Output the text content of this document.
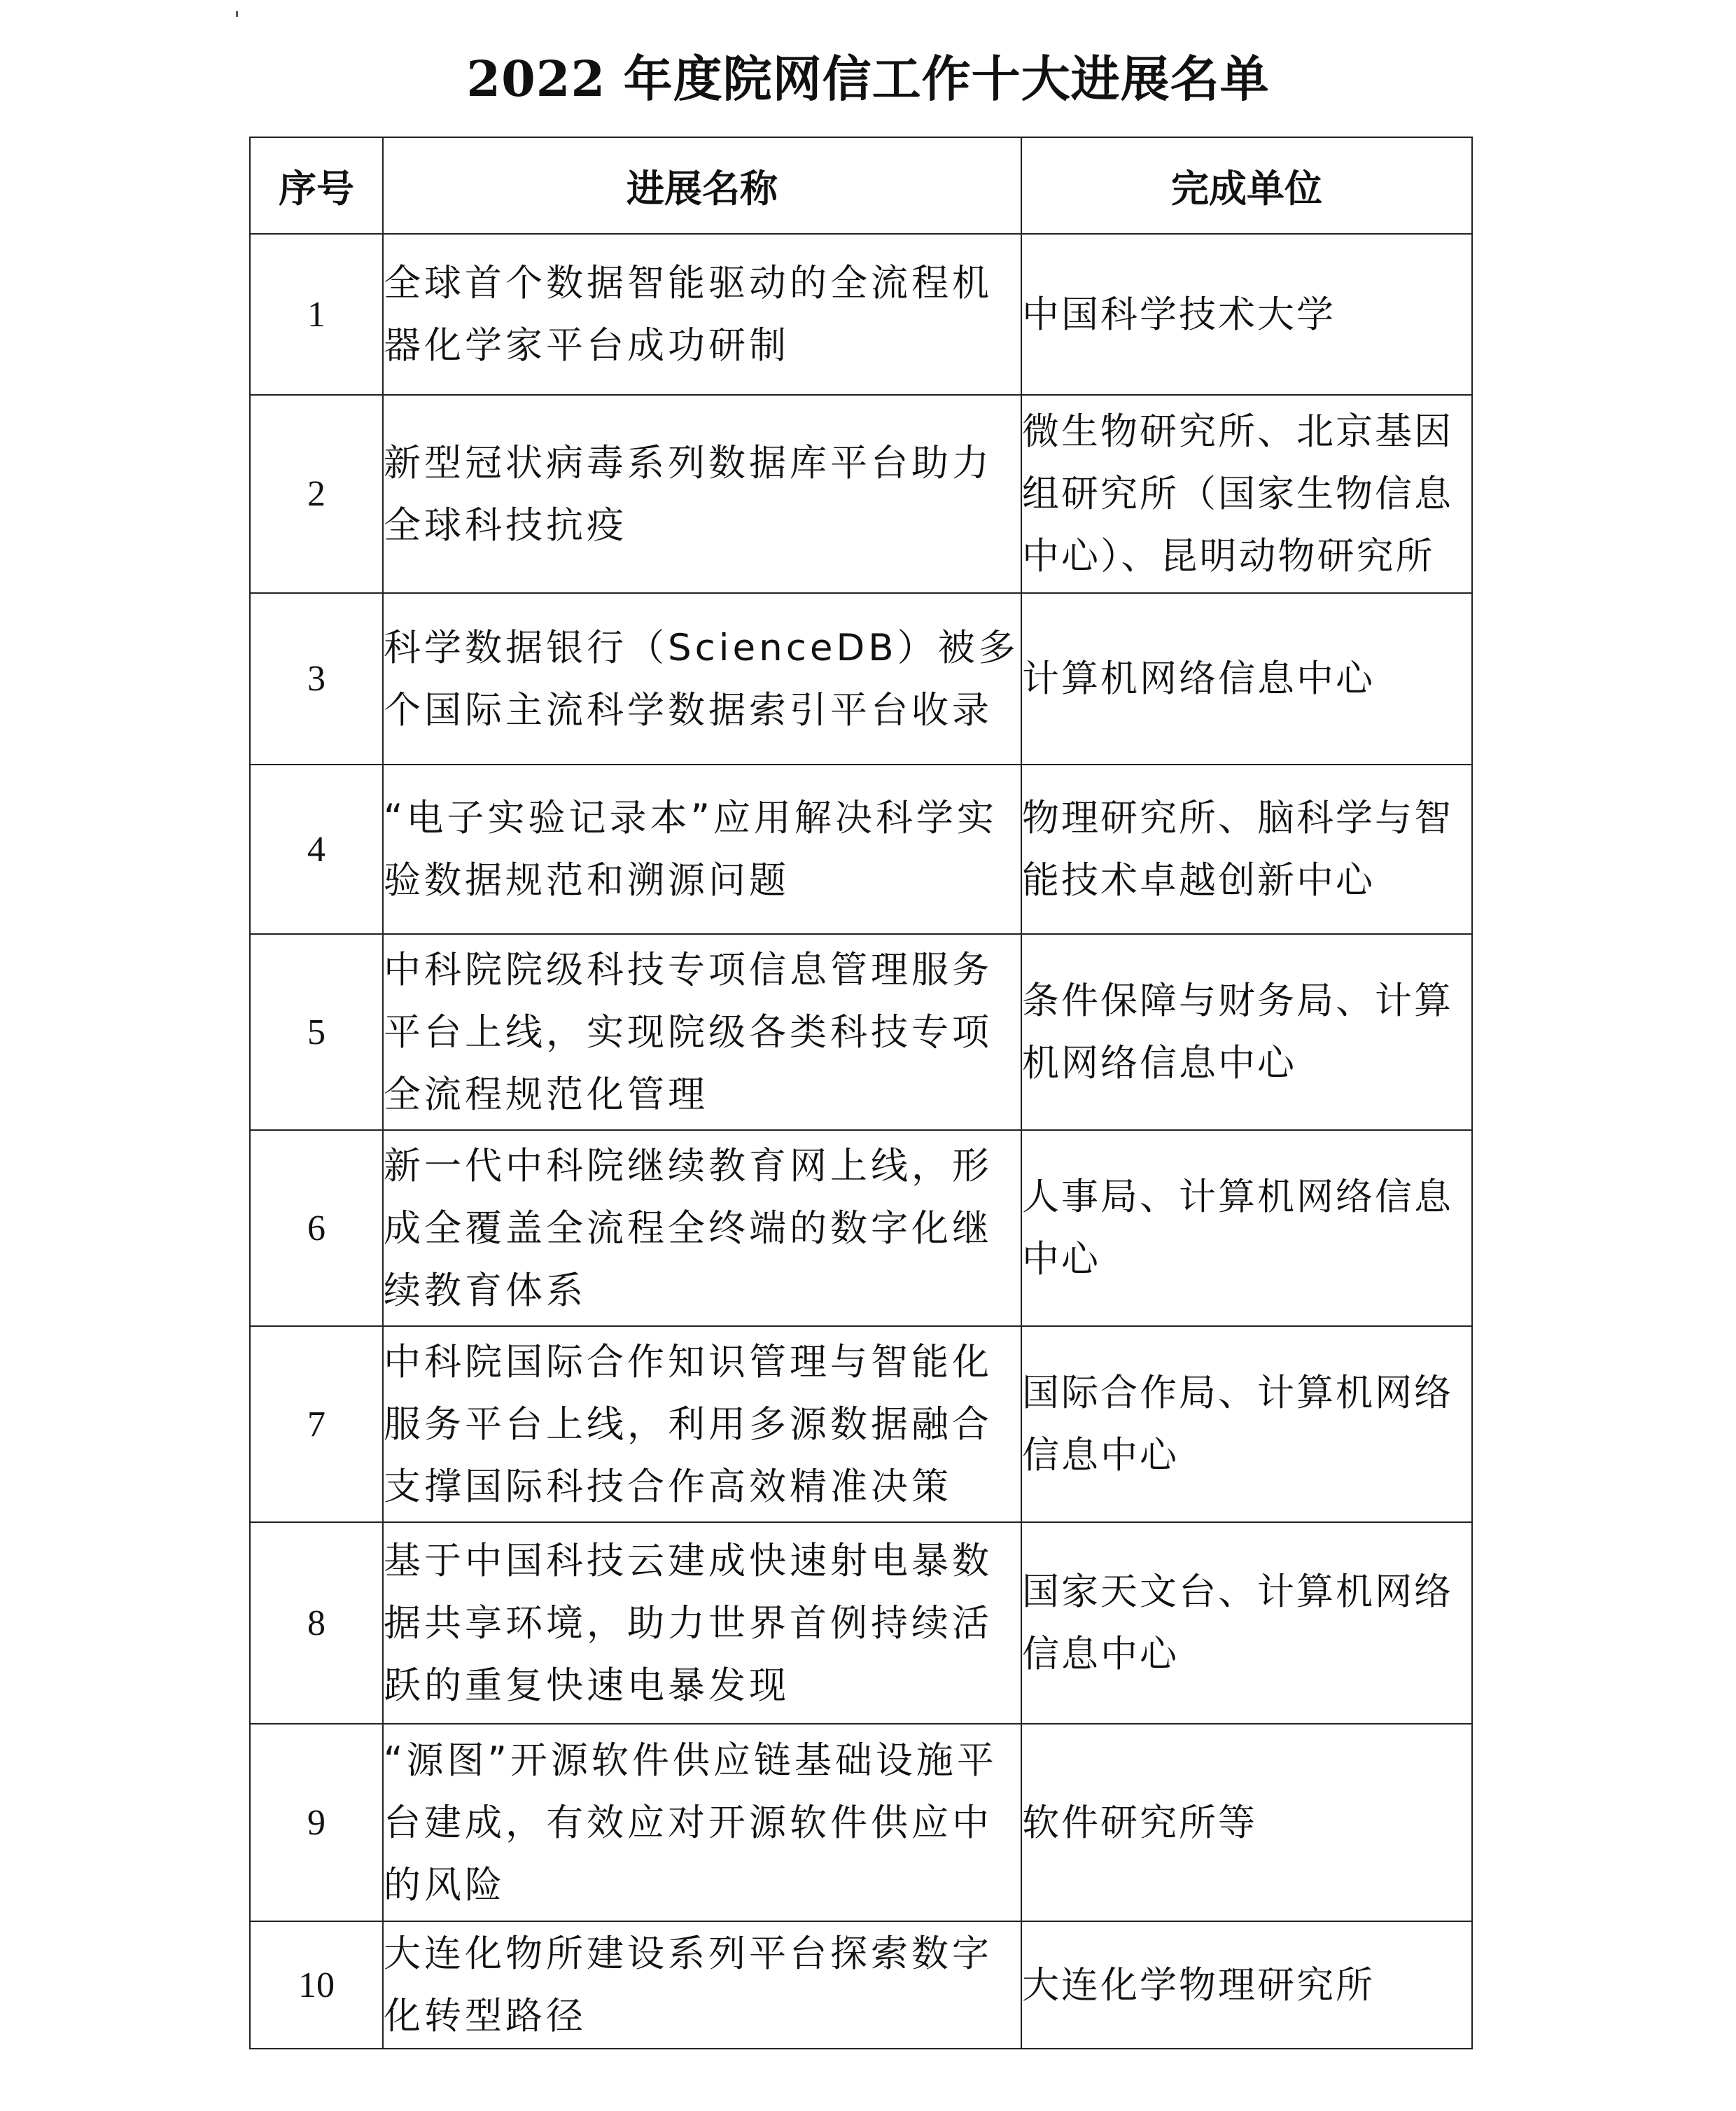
2022 年度院网信工作十大进展名单
序号	进展名称	完成单位
1	全球首个数据智能驱动的全流程机器化学家平台成功研制	中国科学技术大学
2	新型冠状病毒系列数据库平台助力全球科技抗疫	微生物研究所、北京基因组研究所（国家生物信息中心）、昆明动物研究所
3	科学数据银行（ScienceDB）被多个国际主流科学数据索引平台收录	计算机网络信息中心
4	“电子实验记录本”应用解决科学实验数据规范和溯源问题	物理研究所、脑科学与智能技术卓越创新中心
5	中科院院级科技专项信息管理服务平台上线，实现院级各类科技专项全流程规范化管理	条件保障与财务局、计算机网络信息中心
6	新一代中科院继续教育网上线，形成全覆盖全流程全终端的数字化继续教育体系	人事局、计算机网络信息中心
7	中科院国际合作知识管理与智能化服务平台上线，利用多源数据融合支撑国际科技合作高效精准决策	国际合作局、计算机网络信息中心
8	基于中国科技云建成快速射电暴数据共享环境，助力世界首例持续活跃的重复快速电暴发现	国家天文台、计算机网络信息中心
9	“源图”开源软件供应链基础设施平台建成，有效应对开源软件供应中的风险	软件研究所等
10	大连化物所建设系列平台探索数字化转型路径	大连化学物理研究所
